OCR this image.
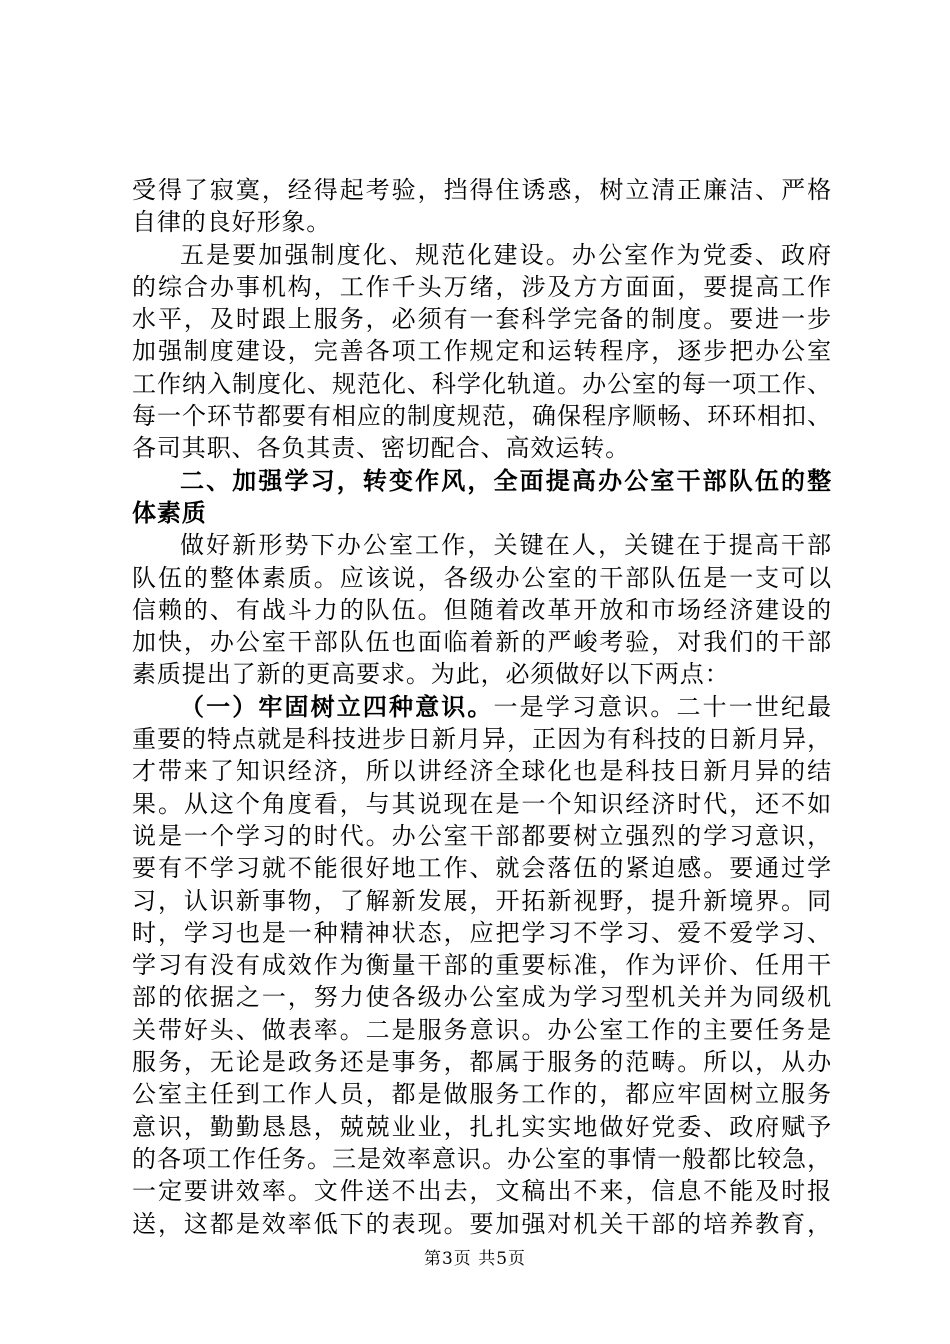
受得了寂寞，经得起考验，挡得住诱惑，树立清正廉洁、严格
自律的良好形象。
五是要加强制度化、规范化建设。办公室作为党委、政府
的综合办事机构，工作千头万绪，涉及方方面面，要提高工作
水平，及时跟上服务，必须有一套科学完备的制度。要进一步
加强制度建设，完善各项工作规定和运转程序，逐步把办公室
工作纳入制度化、规范化、科学化轨道。办公室的每一项工作、
每一个环节都要有相应的制度规范，确保程序顺畅、环环相扣、
各司其职、各负其责、密切配合、高效运转。
二、加强学习，转变作风，全面提高办公室干部队伍的整
体素质
做好新形势下办公室工作，关键在人，关键在于提高干部
队伍的整体素质。应该说，各级办公室的干部队伍是一支可以
信赖的、有战斗力的队伍。但随着改革开放和市场经济建设的
加快，办公室干部队伍也面临着新的严峻考验，对我们的干部
素质提出了新的更高要求。为此，必须做好以下两点：
（一）牢固树立四种意识。一是学习意识。二十一世纪最
重要的特点就是科技进步日新月异，正因为有科技的日新月异，
才带来了知识经济，所以讲经济全球化也是科技日新月异的结
果。从这个角度看，与其说现在是一个知识经济时代，还不如
说是一个学习的时代。办公室干部都要树立强烈的学习意识，
要有不学习就不能很好地工作、就会落伍的紧迫感。要通过学
习，认识新事物，了解新发展，开拓新视野，提升新境界。同
时，学习也是一种精神状态，应把学习不学习、爱不爱学习、
学习有没有成效作为衡量干部的重要标准，作为评价、任用干
部的依据之一，努力使各级办公室成为学习型机关并为同级机
关带好头、做表率。二是服务意识。办公室工作的主要任务是
服务，无论是政务还是事务，都属于服务的范畴。所以，从办
公室主任到工作人员，都是做服务工作的，都应牢固树立服务
意识，勤勤恳恳，兢兢业业，扎扎实实地做好党委、政府赋予
的各项工作任务。三是效率意识。办公室的事情一般都比较急，
一定要讲效率。文件送不出去，文稿出不来，信息不能及时报
送，这都是效率低下的表现。要加强对机关干部的培养教育，
第3页 共5页
